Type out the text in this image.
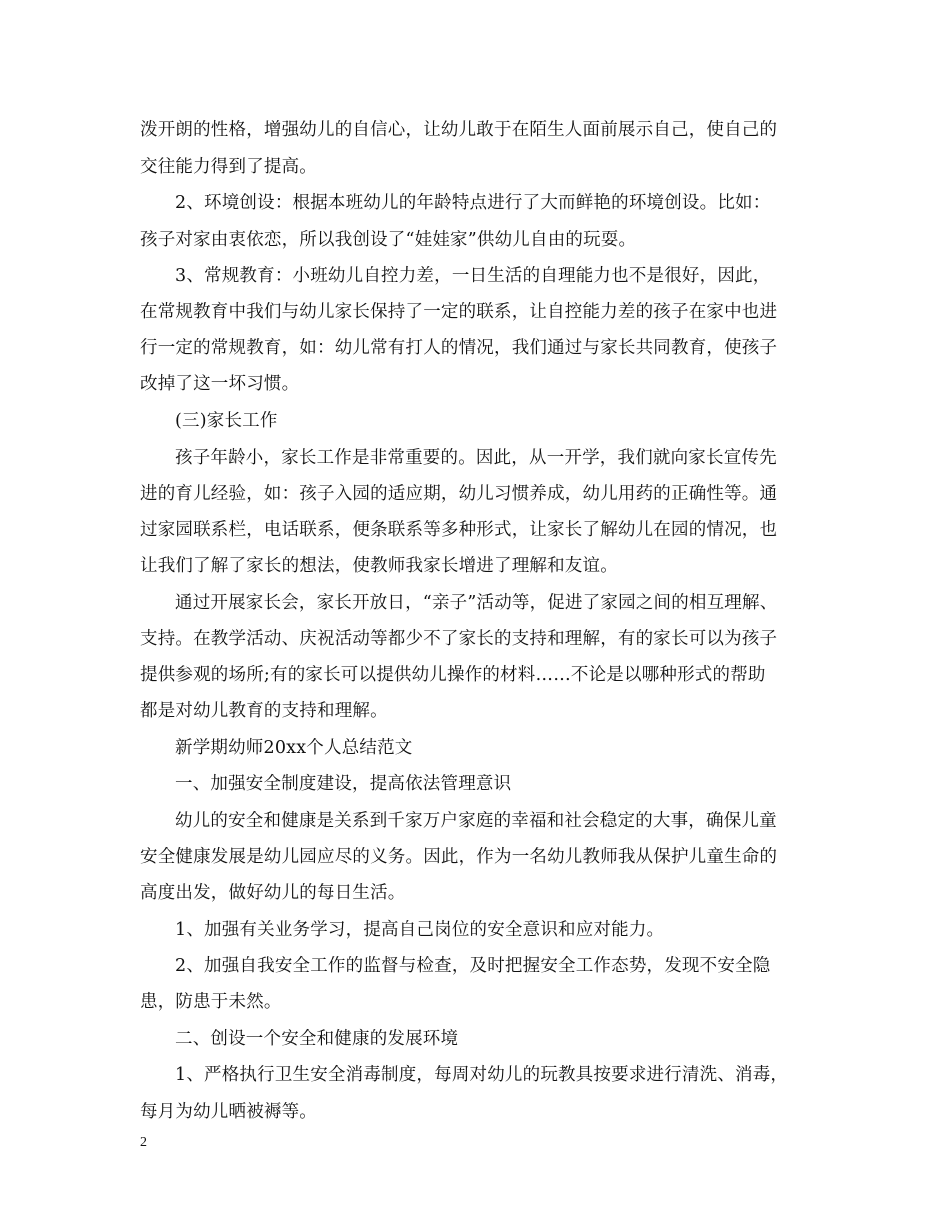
泼开朗的性格，增强幼儿的自信心，让幼儿敢于在陌生人面前展示自己，使自己的
交往能力得到了提高。
2、环境创设：根据本班幼儿的年龄特点进行了大而鲜艳的环境创设。比如：
孩子对家由衷依恋，所以我创设了“娃娃家”供幼儿自由的玩耍。
3、常规教育：小班幼儿自控力差，一日生活的自理能力也不是很好，因此，
在常规教育中我们与幼儿家长保持了一定的联系，让自控能力差的孩子在家中也进
行一定的常规教育，如：幼儿常有打人的情况，我们通过与家长共同教育，使孩子
改掉了这一坏习惯。
(三)家长工作
孩子年龄小，家长工作是非常重要的。因此，从一开学，我们就向家长宣传先
进的育儿经验，如：孩子入园的适应期，幼儿习惯养成，幼儿用药的正确性等。通
过家园联系栏，电话联系，便条联系等多种形式，让家长了解幼儿在园的情况，也
让我们了解了家长的想法，使教师我家长增进了理解和友谊。
通过开展家长会，家长开放日，“亲子”活动等，促进了家园之间的相互理解、
支持。在教学活动、庆祝活动等都少不了家长的支持和理解，有的家长可以为孩子
提供参观的场所;有的家长可以提供幼儿操作的材料……不论是以哪种形式的帮助
都是对幼儿教育的支持和理解。
新学期幼师20xx个人总结范文
一、加强安全制度建设，提高依法管理意识
幼儿的安全和健康是关系到千家万户家庭的幸福和社会稳定的大事，确保儿童
安全健康发展是幼儿园应尽的义务。因此，作为一名幼儿教师我从保护儿童生命的
高度出发，做好幼儿的每日生活。
1、加强有关业务学习，提高自己岗位的安全意识和应对能力。
2、加强自我安全工作的监督与检查，及时把握安全工作态势，发现不安全隐
患，防患于未然。
二、创设一个安全和健康的发展环境
1、严格执行卫生安全消毒制度，每周对幼儿的玩教具按要求进行清洗、消毒，
每月为幼儿晒被褥等。
2
